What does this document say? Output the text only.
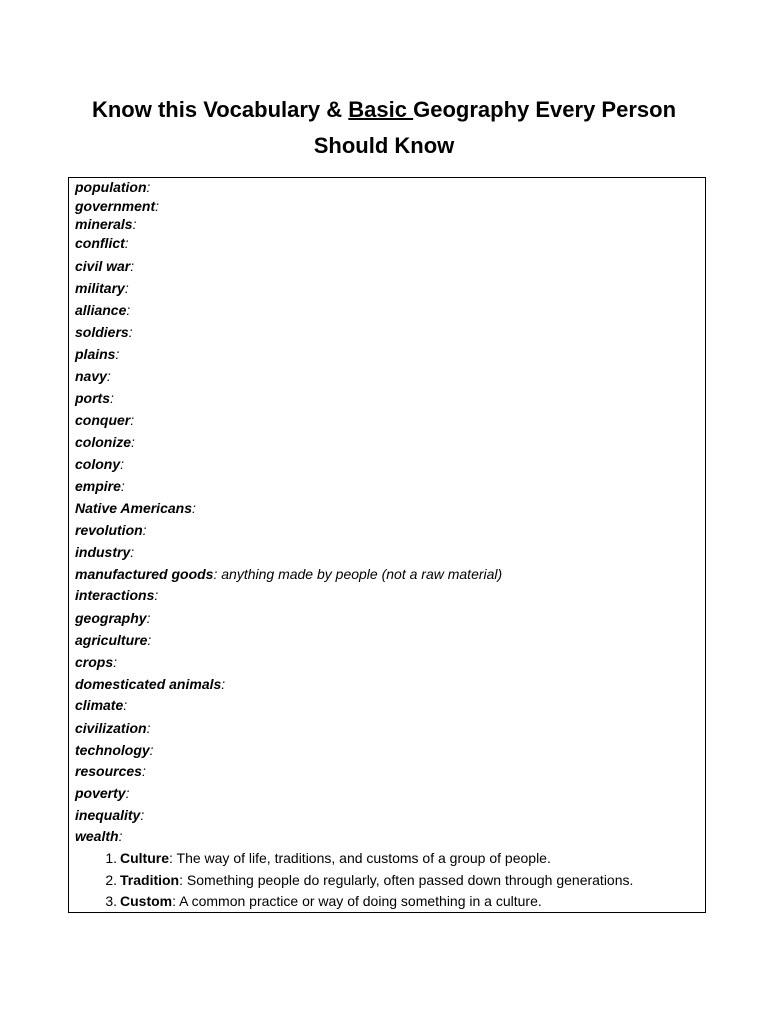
Know this Vocabulary & Basic Geography Every Person
Should Know
population:
government:
minerals:
conflict:
civil war:
military:
alliance:
soldiers:
plains:
navy:
ports:
conquer:
colonize:
colony:
empire:
Native Americans:
revolution:
industry:
manufactured goods: anything made by people (not a raw material)
interactions:
geography:
agriculture:
crops:
domesticated animals:
climate:
civilization:
technology:
resources:
poverty:
inequality:
wealth:
1. Culture: The way of life, traditions, and customs of a group of people.
2. Tradition: Something people do regularly, often passed down through generations.
3. Custom: A common practice or way of doing something in a culture.
